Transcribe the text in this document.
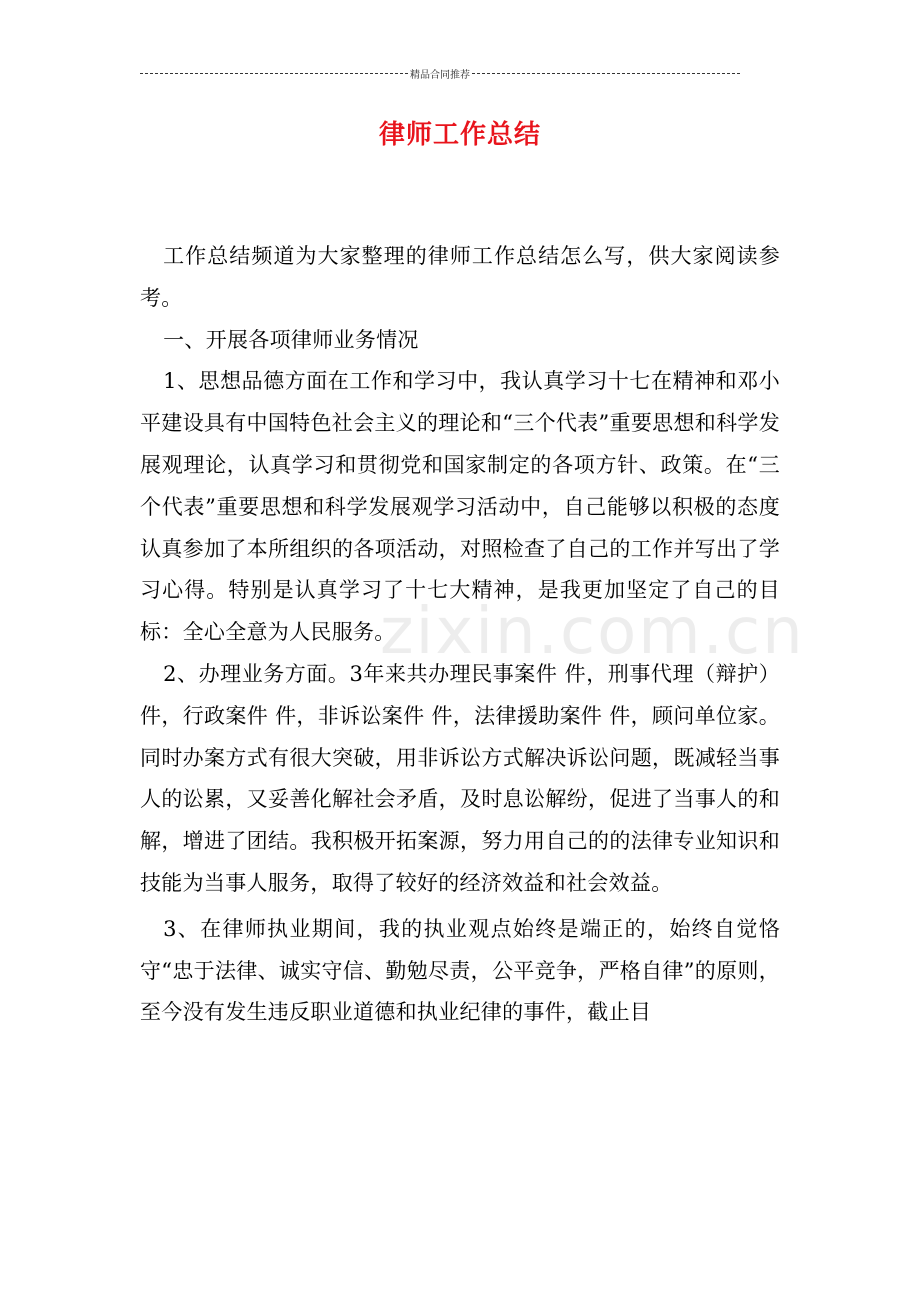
精品合同推荐
律师工作总结

工作总结频道为大家整理的律师工作总结怎么写，供大家阅读参考。

一、开展各项律师业务情况

1、思想品德方面在工作和学习中，我认真学习十七在精神和邓小平建设具有中国特色社会主义的理论和“三个代表”重要思想和科学发展观理论，认真学习和贯彻党和国家制定的各项方针、政策。在“三个代表”重要思想和科学发展观学习活动中，自己能够以积极的态度认真参加了本所组织的各项活动，对照检查了自己的工作并写出了学习心得。特别是认真学习了十七大精神，是我更加坚定了自己的目标：全心全意为人民服务。

2、办理业务方面。3年来共办理民事案件 件，刑事代理（辩护）件，行政案件 件，非诉讼案件 件，法律援助案件 件，顾问单位家。同时办案方式有很大突破，用非诉讼方式解决诉讼问题，既减轻当事人的讼累，又妥善化解社会矛盾，及时息讼解纷，促进了当事人的和解，增进了团结。我积极开拓案源，努力用自己的的法律专业知识和技能为当事人服务，取得了较好的经济效益和社会效益。

3、在律师执业期间，我的执业观点始终是端正的，始终自觉恪守“忠于法律、诚实守信、勤勉尽责，公平竞争，严格自律”的原则，至今没有发生违反职业道德和执业纪律的事件，截止目

zixin.com.cn
